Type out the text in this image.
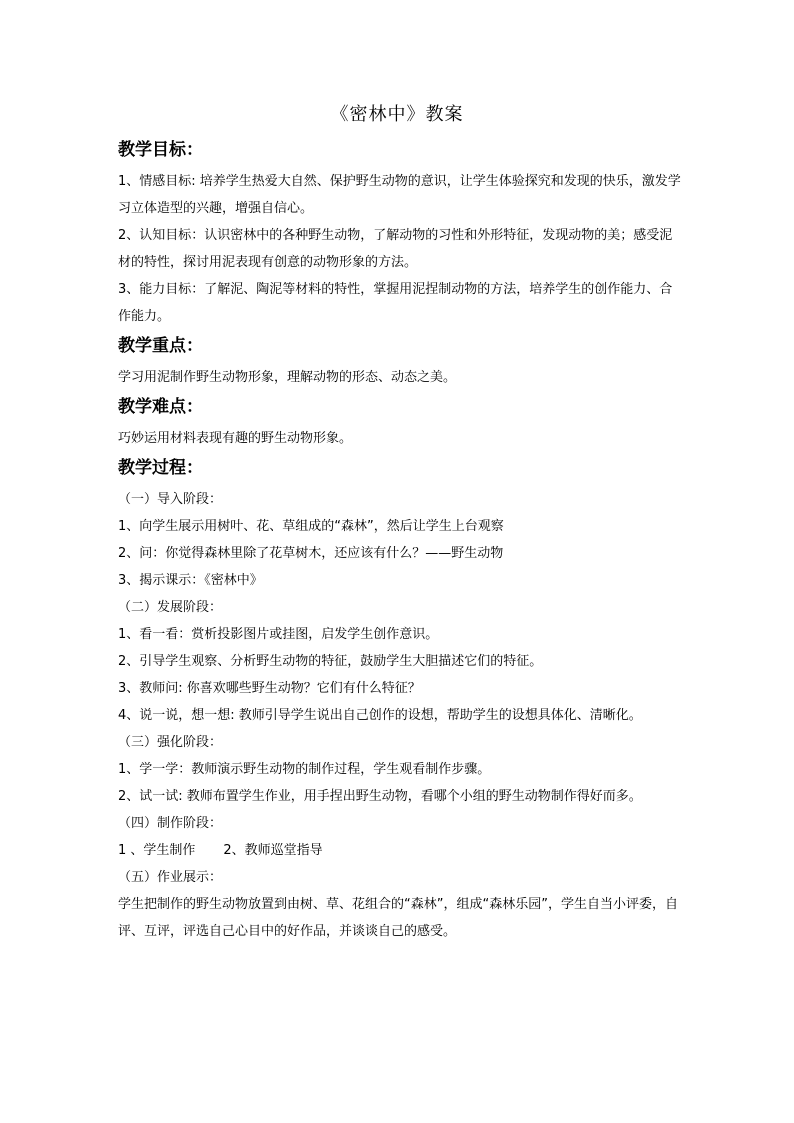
《密林中》教案

教学目标：

1、情感目标: 培养学生热爱大自然、保护野生动物的意识，让学生体验探究和发现的快乐，激发学习立体造型的兴趣，增强自信心。

2、认知目标：认识密林中的各种野生动物，了解动物的习性和外形特征，发现动物的美；感受泥材的特性，探讨用泥表现有创意的动物形象的方法。

3、能力目标：了解泥、陶泥等材料的特性，掌握用泥捏制动物的方法，培养学生的创作能力、合作能力。

教学重点：

学习用泥制作野生动物形象，理解动物的形态、动态之美。

教学难点：

巧妙运用材料表现有趣的野生动物形象。

教学过程：

（一）导入阶段：

1、向学生展示用树叶、花、草组成的“森林”，然后让学生上台观察

2、问：你觉得森林里除了花草树木，还应该有什么？——野生动物

3、揭示课示：《密林中》

（二）发展阶段：

1、看一看：赏析投影图片或挂图，启发学生创作意识。

2、引导学生观察、分析野生动物的特征，鼓励学生大胆描述它们的特征。

3、教师问: 你喜欢哪些野生动物？它们有什么特征？

4、说一说，想一想: 教师引导学生说出自己创作的设想，帮助学生的设想具体化、清晰化。

（三）强化阶段：

1、学一学：教师演示野生动物的制作过程，学生观看制作步骤。

2、试一试: 教师布置学生作业，用手捏出野生动物，看哪个小组的野生动物制作得好而多。

（四）制作阶段：

1 、学生制作 2、教师巡堂指导

（五）作业展示：

学生把制作的野生动物放置到由树、草、花组合的“森林”，组成“森林乐园”，学生自当小评委，自评、互评，评选自己心目中的好作品，并谈谈自己的感受。
